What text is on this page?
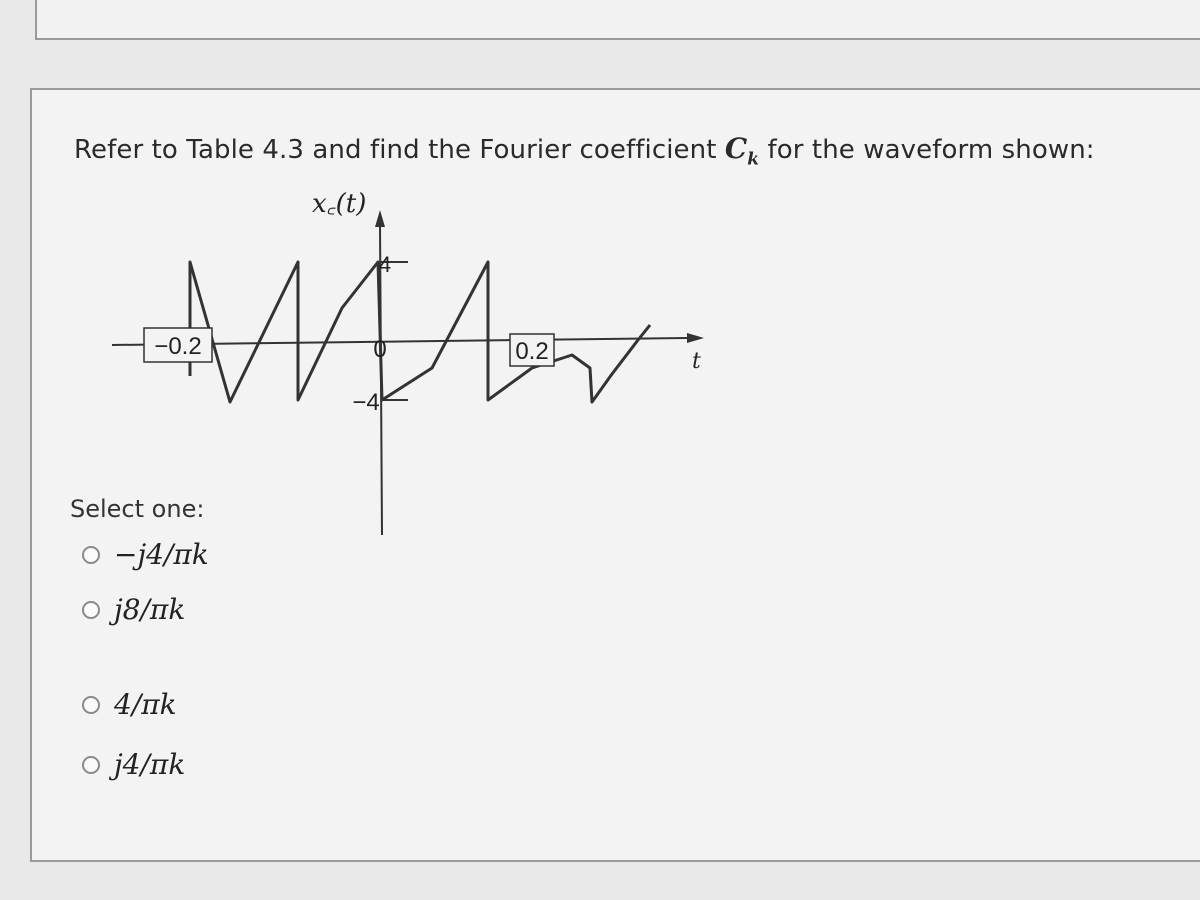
Refer to Table 4.3 and find the Fourier coefficient $C_k$ for the waveform shown:
x꜀(t)
−0.2	0	0.2
4
−4
t
Select one:
−j4/πk
j8/πk
4/πk
j4/πk
